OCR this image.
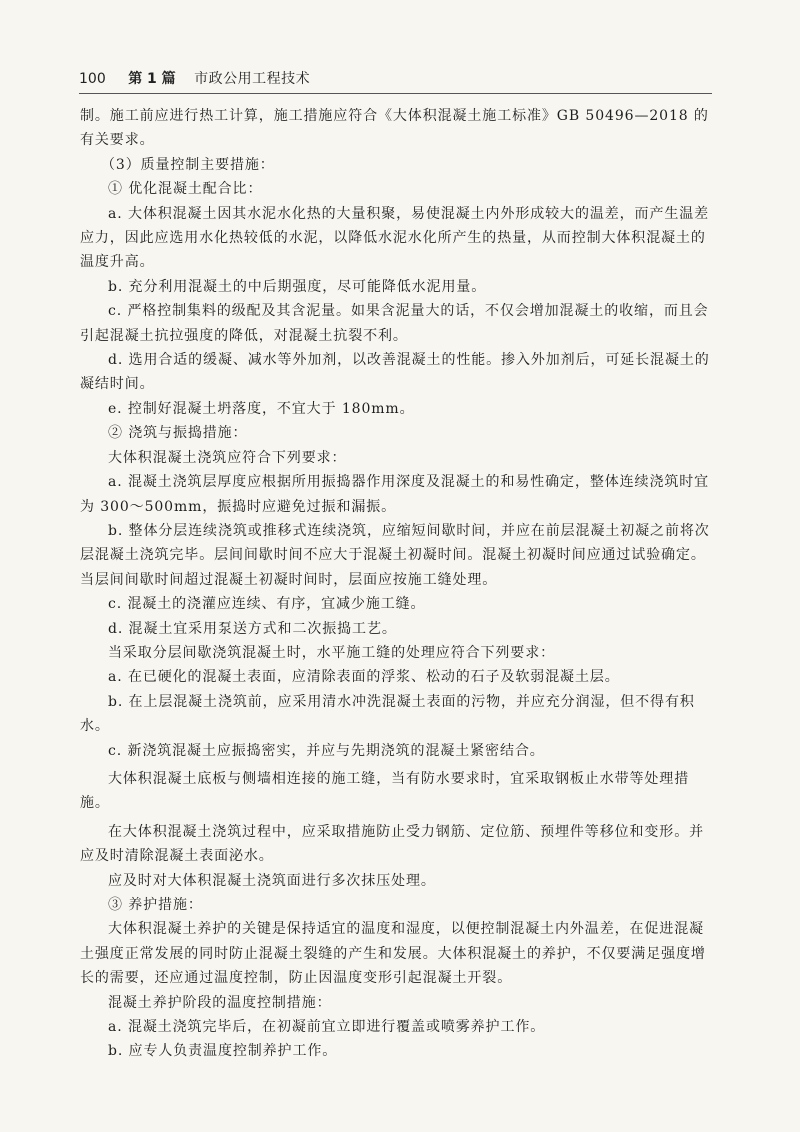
100 第 1 篇 市政公用工程技术

制。施工前应进行热工计算，施工措施应符合《大体积混凝土施工标准》GB 50496—2018 的有关要求。

（3）质量控制主要措施：

① 优化混凝土配合比：

a. 大体积混凝土因其水泥水化热的大量积聚，易使混凝土内外形成较大的温差，而产生温差应力，因此应选用水化热较低的水泥，以降低水泥水化所产生的热量，从而控制大体积混凝土的温度升高。

b. 充分利用混凝土的中后期强度，尽可能降低水泥用量。

c. 严格控制集料的级配及其含泥量。如果含泥量大的话，不仅会增加混凝土的收缩，而且会引起混凝土抗拉强度的降低，对混凝土抗裂不利。

d. 选用合适的缓凝、减水等外加剂，以改善混凝土的性能。掺入外加剂后，可延长混凝土的凝结时间。

e. 控制好混凝土坍落度，不宜大于 180mm。

② 浇筑与振捣措施：

大体积混凝土浇筑应符合下列要求：

a. 混凝土浇筑层厚度应根据所用振捣器作用深度及混凝土的和易性确定，整体连续浇筑时宜为 300～500mm，振捣时应避免过振和漏振。

b. 整体分层连续浇筑或推移式连续浇筑，应缩短间歇时间，并应在前层混凝土初凝之前将次层混凝土浇筑完毕。层间间歇时间不应大于混凝土初凝时间。混凝土初凝时间应通过试验确定。当层间间歇时间超过混凝土初凝时间时，层面应按施工缝处理。

c. 混凝土的浇灌应连续、有序，宜减少施工缝。

d. 混凝土宜采用泵送方式和二次振捣工艺。

当采取分层间歇浇筑混凝土时，水平施工缝的处理应符合下列要求：

a. 在已硬化的混凝土表面，应清除表面的浮浆、松动的石子及软弱混凝土层。

b. 在上层混凝土浇筑前，应采用清水冲洗混凝土表面的污物，并应充分润湿，但不得有积水。

c. 新浇筑混凝土应振捣密实，并应与先期浇筑的混凝土紧密结合。

大体积混凝土底板与侧墙相连接的施工缝，当有防水要求时，宜采取钢板止水带等处理措施。

在大体积混凝土浇筑过程中，应采取措施防止受力钢筋、定位筋、预埋件等移位和变形。并应及时清除混凝土表面泌水。

应及时对大体积混凝土浇筑面进行多次抹压处理。

③ 养护措施：

大体积混凝土养护的关键是保持适宜的温度和湿度，以便控制混凝土内外温差，在促进混凝土强度正常发展的同时防止混凝土裂缝的产生和发展。大体积混凝土的养护，不仅要满足强度增长的需要，还应通过温度控制，防止因温度变形引起混凝土开裂。

混凝土养护阶段的温度控制措施：

a. 混凝土浇筑完毕后，在初凝前宜立即进行覆盖或喷雾养护工作。

b. 应专人负责温度控制养护工作。
